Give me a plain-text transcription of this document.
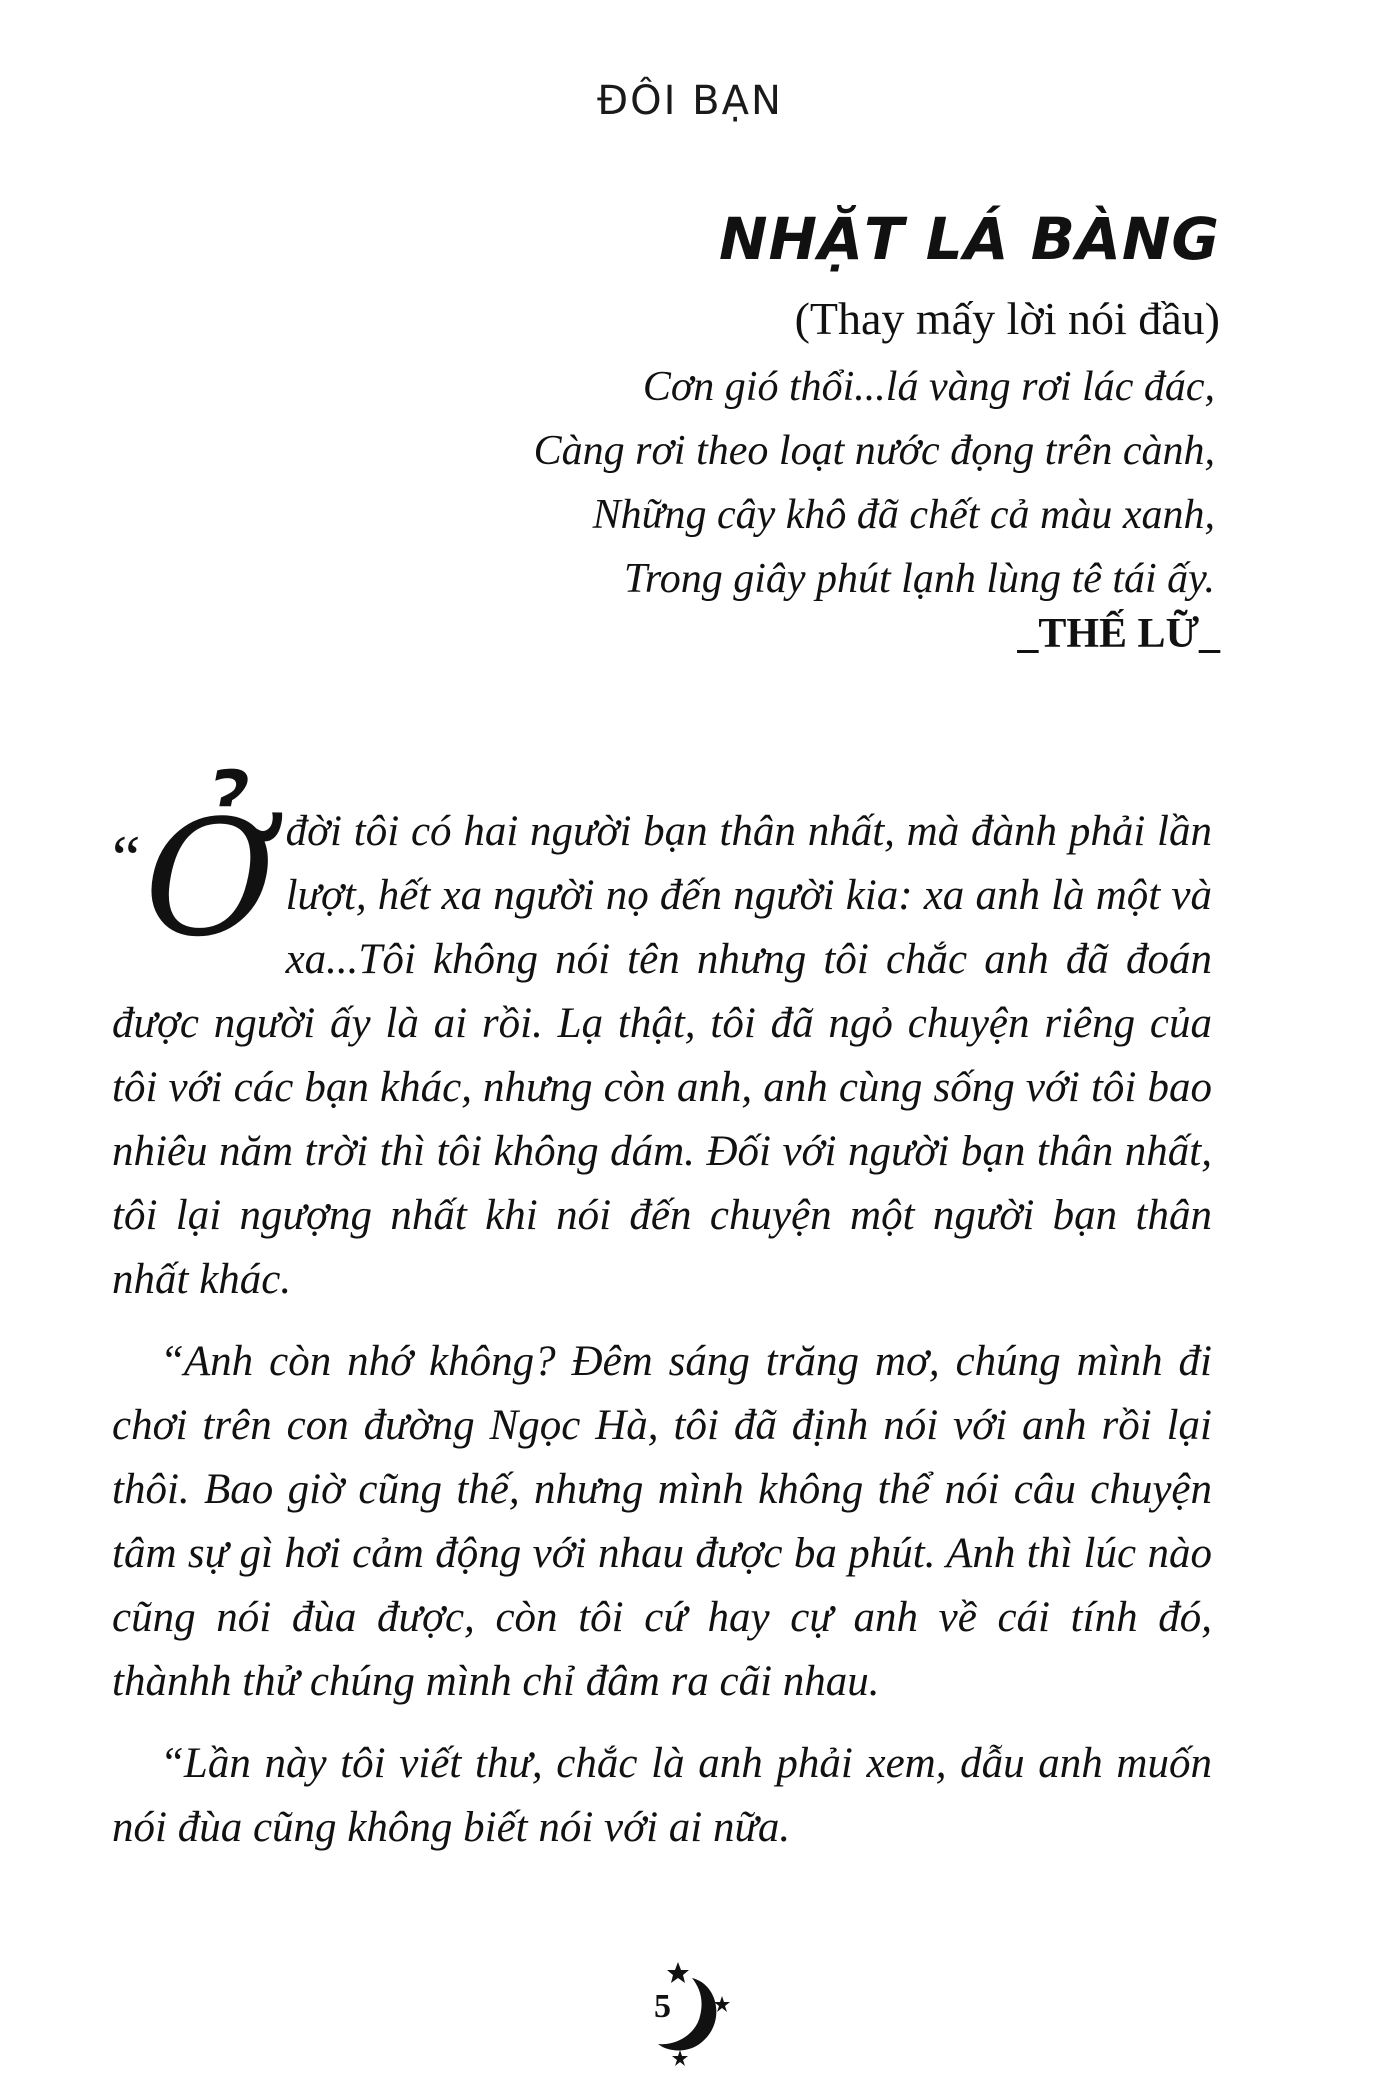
ĐÔI BẠN
NHẶT LÁ BÀNG
(Thay mấy lời nói đầu)
Cơn gió thổi...lá vàng rơi lác đác,
Càng rơi theo loạt nước đọng trên cành,
Những cây khô đã chết cả màu xanh,
Trong giây phút lạnh lùng tê tái ấy.
_THẾ LỮ_

“ Ở đời tôi có hai người bạn thân nhất, mà đành phải lần lượt, hết xa người nọ đến người kia: xa anh là một và xa...Tôi không nói tên nhưng tôi chắc anh đã đoán được người ấy là ai rồi. Lạ thật, tôi đã ngỏ chuyện riêng của tôi với các bạn khác, nhưng còn anh, anh cùng sống với tôi bao nhiêu năm trời thì tôi không dám. Đối với người bạn thân nhất, tôi lại ngượng nhất khi nói đến chuyện một người bạn thân nhất khác.

“Anh còn nhớ không? Đêm sáng trăng mơ, chúng mình đi chơi trên con đường Ngọc Hà, tôi đã định nói với anh rồi lại thôi. Bao giờ cũng thế, nhưng mình không thể nói câu chuyện tâm sự gì hơi cảm động với nhau được ba phút. Anh thì lúc nào cũng nói đùa được, còn tôi cứ hay cự anh về cái tính đó, thànhh thử chúng mình chỉ đâm ra cãi nhau.

“Lần này tôi viết thư, chắc là anh phải xem, dẫu anh muốn nói đùa cũng không biết nói với ai nữa.

5
